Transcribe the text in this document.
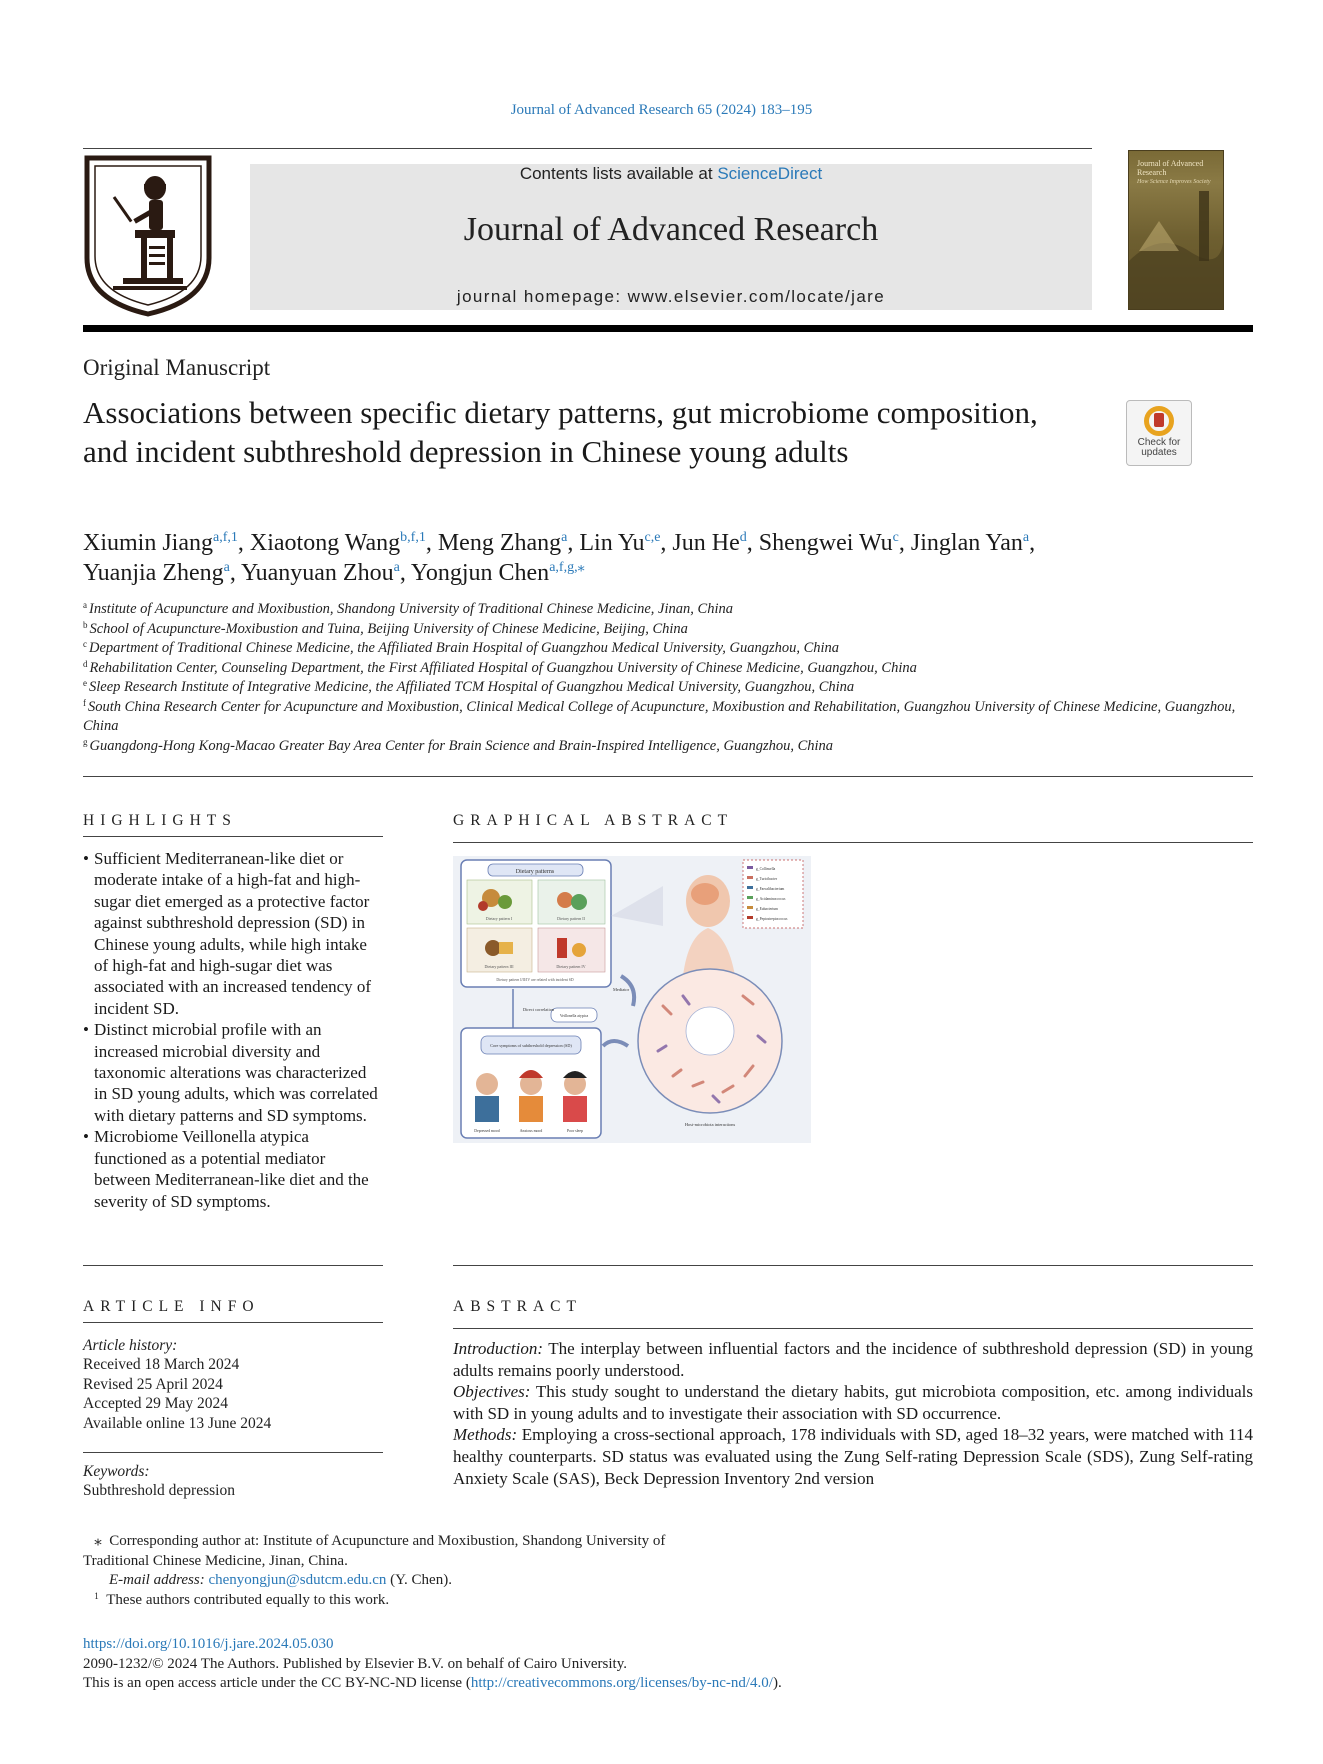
Journal of Advanced Research 65 (2024) 183–195
Contents lists available at ScienceDirect
Journal of Advanced Research
journal homepage: www.elsevier.com/locate/jare
Journal of Advanced Research
How Science Improves Society
Original Manuscript
Associations between specific dietary patterns, gut microbiome composition, and incident subthreshold depression in Chinese young adults	Check for updates
Xiumin Jiang$^{a,f,1}$, Xiaotong Wang$^{b,f,1}$, Meng Zhang$^a$, Lin Yu$^{c,e}$, Jun He$^d$, Shengwei Wu$^c$, Jinglan Yan$^a$,
Yuanjia Zheng$^a$, Yuanyuan Zhou$^a$, Yongjun Chen$^{a,f,g,⁎}$
$^a$ Institute of Acupuncture and Moxibustion, Shandong University of Traditional Chinese Medicine, Jinan, China
$^b$ School of Acupuncture-Moxibustion and Tuina, Beijing University of Chinese Medicine, Beijing, China
$^c$ Department of Traditional Chinese Medicine, the Affiliated Brain Hospital of Guangzhou Medical University, Guangzhou, China
$^d$ Rehabilitation Center, Counseling Department, the First Affiliated Hospital of Guangzhou University of Chinese Medicine, Guangzhou, China
$^e$ Sleep Research Institute of Integrative Medicine, the Affiliated TCM Hospital of Guangzhou Medical University, Guangzhou, China
$^f$ South China Research Center for Acupuncture and Moxibustion, Clinical Medical College of Acupuncture, Moxibustion and Rehabilitation, Guangzhou University of Chinese Medicine, Guangzhou, China
$^g$ Guangdong-Hong Kong-Macao Greater Bay Area Center for Brain Science and Brain-Inspired Intelligence, Guangzhou, China
HIGHLIGHTS
• Sufficient Mediterranean-like diet or moderate intake of a high-fat and high-sugar diet emerged as a protective factor against subthreshold depression (SD) in Chinese young adults, while high intake of high-fat and high-sugar diet was associated with an increased tendency of incident SD.
• Distinct microbial profile with an increased microbial diversity and taxonomic alterations was characterized in SD young adults, which was correlated with dietary patterns and SD symptoms.
• Microbiome Veillonella atypica functioned as a potential mediator between Mediterranean-like diet and the severity of SD symptoms.
GRAPHICAL ABSTRACT
Dietary patterns
Dietary pattern I	Dietary pattern II
Dietary pattern III	Dietary pattern IV
Dietary pattern I/II/IV are related with incident SD
g_Collinsella
g_Turicibacter
g_Faecalibacterium
g_Acidaminococcus
g_Eubacterium
g_Peptostreptococcus
Veillonella atypica
Mediator
Direct correlation
Host-microbiota interactions
Core symptoms of subthreshold depression (SD)
Depressed mood	Anxious mood	Poor sleep
ARTICLE INFO
Article history:
Received 18 March 2024
Revised 25 April 2024
Accepted 29 May 2024
Available online 13 June 2024
Keywords:
Subthreshold depression
ABSTRACT

Introduction: The interplay between influential factors and the incidence of subthreshold depression (SD) in young adults remains poorly understood.

Objectives: This study sought to understand the dietary habits, gut microbiota composition, etc. among individuals with SD in young adults and to investigate their association with SD occurrence.

Methods: Employing a cross-sectional approach, 178 individuals with SD, aged 18–32 years, were matched with 114 healthy counterparts. SD status was evaluated using the Zung Self-rating Depression Scale (SDS), Zung Self-rating Anxiety Scale (SAS), Beck Depression Inventory 2nd version

⁎ Corresponding author at: Institute of Acupuncture and Moxibustion, Shandong University of Traditional Chinese Medicine, Jinan, China.

E-mail address: chenyongjun@sdutcm.edu.cn (Y. Chen).

$^1$ These authors contributed equally to this work.

https://doi.org/10.1016/j.jare.2024.05.030

2090-1232/© 2024 The Authors. Published by Elsevier B.V. on behalf of Cairo University.

This is an open access article under the CC BY-NC-ND license (http://creativecommons.org/licenses/by-nc-nd/4.0/).
